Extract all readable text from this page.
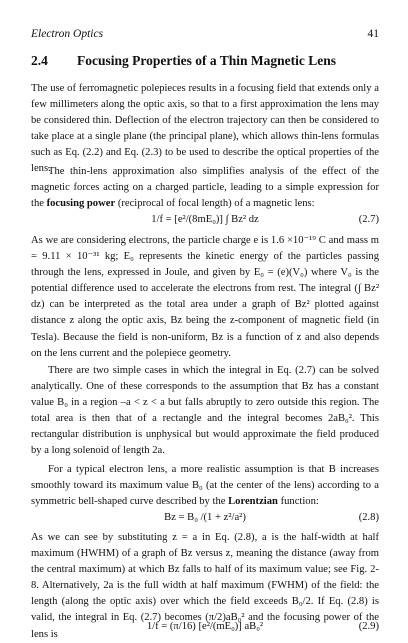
Electron Optics	41
2.4 Focusing Properties of a Thin Magnetic Lens
The use of ferromagnetic polepieces results in a focusing field that extends only a few millimeters along the optic axis, so that to a first approximation the lens may be considered thin. Deflection of the electron trajectory can then be considered to take place at a single plane (the principal plane), which allows thin-lens formulas such as Eq. (2.2) and Eq. (2.3) to be used to describe the optical properties of the lens.
The thin-lens approximation also simplifies analysis of the effect of the magnetic forces acting on a charged particle, leading to a simple expression for the focusing power (reciprocal of focal length) of a magnetic lens:
1/f = [e²/(8mE₀)] ∫ Bz² dz	(2.7)
As we are considering electrons, the particle charge e is 1.6 ×10⁻¹⁹ C and mass m = 9.11 × 10⁻³¹ kg; E₀ represents the kinetic energy of the particles passing through the lens, expressed in Joule, and given by E₀ = (e)(V₀) where V₀ is the potential difference used to accelerate the electrons from rest. The integral (∫ Bz² dz) can be interpreted as the total area under a graph of Bz² plotted against distance z along the optic axis, Bz being the z-component of magnetic field (in Tesla). Because the field is non-uniform, Bz is a function of z and also depends on the lens current and the polepiece geometry.
There are two simple cases in which the integral in Eq. (2.7) can be solved analytically. One of these corresponds to the assumption that Bz has a constant value B₀ in a region –a < z < a but falls abruptly to zero outside this region. The total area is then that of a rectangle and the integral becomes 2aB₀². This rectangular distribution is unphysical but would approximate the field produced by a long solenoid of length 2a.
For a typical electron lens, a more realistic assumption is that B increases smoothly toward its maximum value B₀ (at the center of the lens) according to a symmetric bell-shaped curve described by the Lorentzian function:
Bz = B₀ /(1 + z²/a²)	(2.8)
As we can see by substituting z = a in Eq. (2.8), a is the half-width at half maximum (HWHM) of a graph of Bz versus z, meaning the distance (away from the central maximum) at which Bz falls to half of its maximum value; see Fig. 2-8. Alternatively, 2a is the full width at half maximum (FWHM) of the field: the length (along the optic axis) over which the field exceeds B₀/2. If Eq. (2.8) is valid, the integral in Eq. (2.7) becomes (π/2)aB₀² and the focusing power of the lens is
1/f = (π/16) [e²/(mE₀)] aB₀²	(2.9)
